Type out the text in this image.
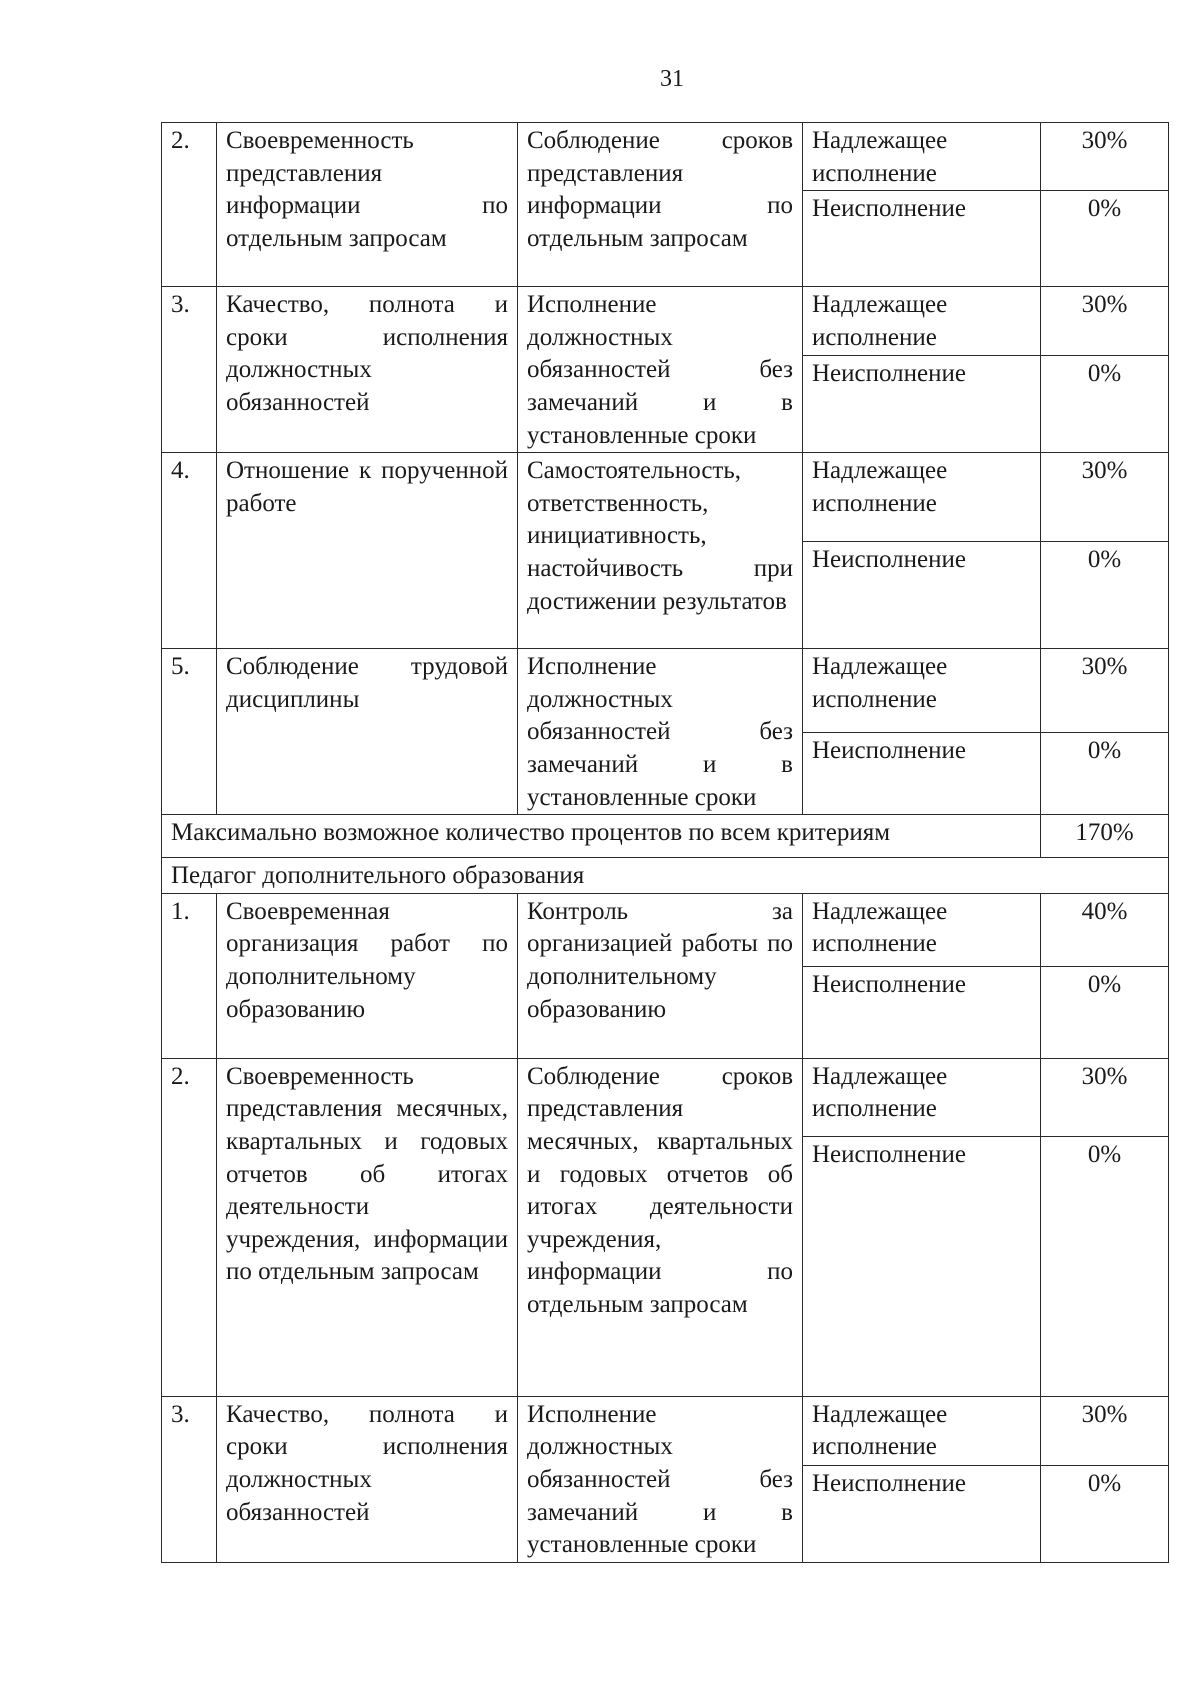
31
2.	Своевременность представления информации по отдельным запросам	Соблюдение сроков представления информации по отдельным запросам	Надлежащее исполнение	30%
			Неисполнение	0%
3.	Качество, полнота и сроки исполнения должностных обязанностей	Исполнение должностных обязанностей без замечаний и в установленные сроки	Надлежащее исполнение	30%
			Неисполнение	0%
4.	Отношение к порученной работе	Самостоятельность, ответственность, инициативность, настойчивость при достижении результатов	Надлежащее исполнение	30%
			Неисполнение	0%
5.	Соблюдение трудовой дисциплины	Исполнение должностных обязанностей без замечаний и в установленные сроки	Надлежащее исполнение	30%
			Неисполнение	0%
Максимально возможное количество процентов по всем критериям				170%
Педагог дополнительного образования				
1.	Своевременная организация работ по дополнительному образованию	Контроль за организацией работы по дополнительному образованию	Надлежащее исполнение	40%
			Неисполнение	0%
2.	Своевременность представления месячных, квартальных и годовых отчетов об итогах деятельности учреждения, информации по отдельным запросам	Соблюдение сроков представления месячных, квартальных и годовых отчетов об итогах деятельности учреждения, информации по отдельным запросам	Надлежащее исполнение	30%
			Неисполнение	0%
3.	Качество, полнота и сроки исполнения должностных обязанностей	Исполнение должностных обязанностей без замечаний и в установленные сроки	Надлежащее исполнение	30%
			Неисполнение	0%
